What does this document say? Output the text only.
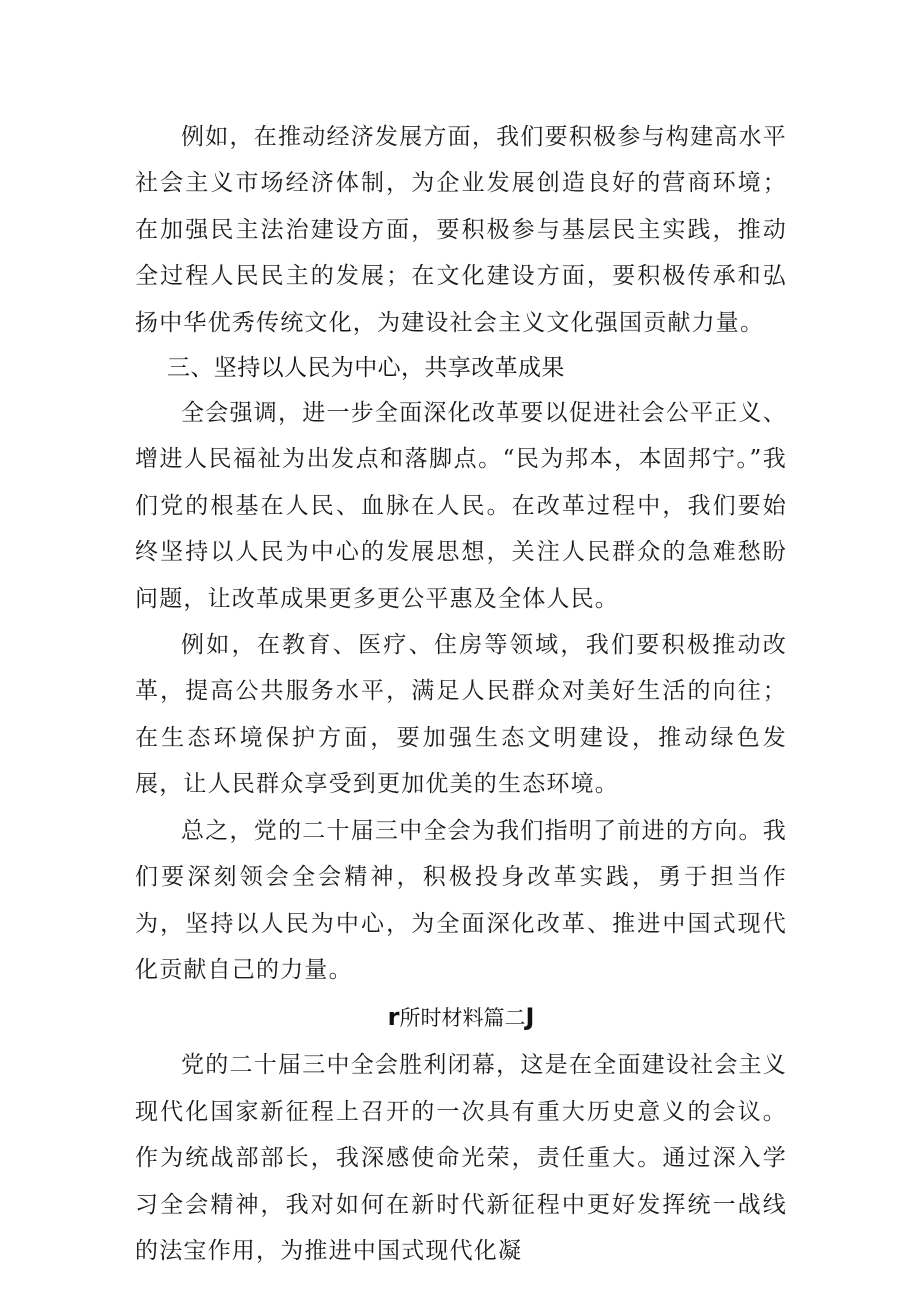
例如，在推动经济发展方面，我们要积极参与构建高水平社会主义市场经济体制，为企业发展创造良好的营商环境；在加强民主法治建设方面，要积极参与基层民主实践，推动全过程人民民主的发展；在文化建设方面，要积极传承和弘扬中华优秀传统文化，为建设社会主义文化强国贡献力量。

三、坚持以人民为中心，共享改革成果

全会强调，进一步全面深化改革要以促进社会公平正义、增进人民福祉为出发点和落脚点。“民为邦本，本固邦宁。”我们党的根基在人民、血脉在人民。在改革过程中，我们要始终坚持以人民为中心的发展思想，关注人民群众的急难愁盼问题，让改革成果更多更公平惠及全体人民。

例如，在教育、医疗、住房等领域，我们要积极推动改革，提高公共服务水平，满足人民群众对美好生活的向往；在生态环境保护方面，要加强生态文明建设，推动绿色发展，让人民群众享受到更加优美的生态环境。

总之，党的二十届三中全会为我们指明了前进的方向。我们要深刻领会全会精神，积极投身改革实践，勇于担当作为，坚持以人民为中心，为全面深化改革、推进中国式现代化贡献自己的力量。

r所时材料篇二J

党的二十届三中全会胜利闭幕，这是在全面建设社会主义现代化国家新征程上召开的一次具有重大历史意义的会议。作为统战部部长，我深感使命光荣，责任重大。通过深入学习全会精神，我对如何在新时代新征程中更好发挥统一战线的法宝作用，为推进中国式现代化凝
